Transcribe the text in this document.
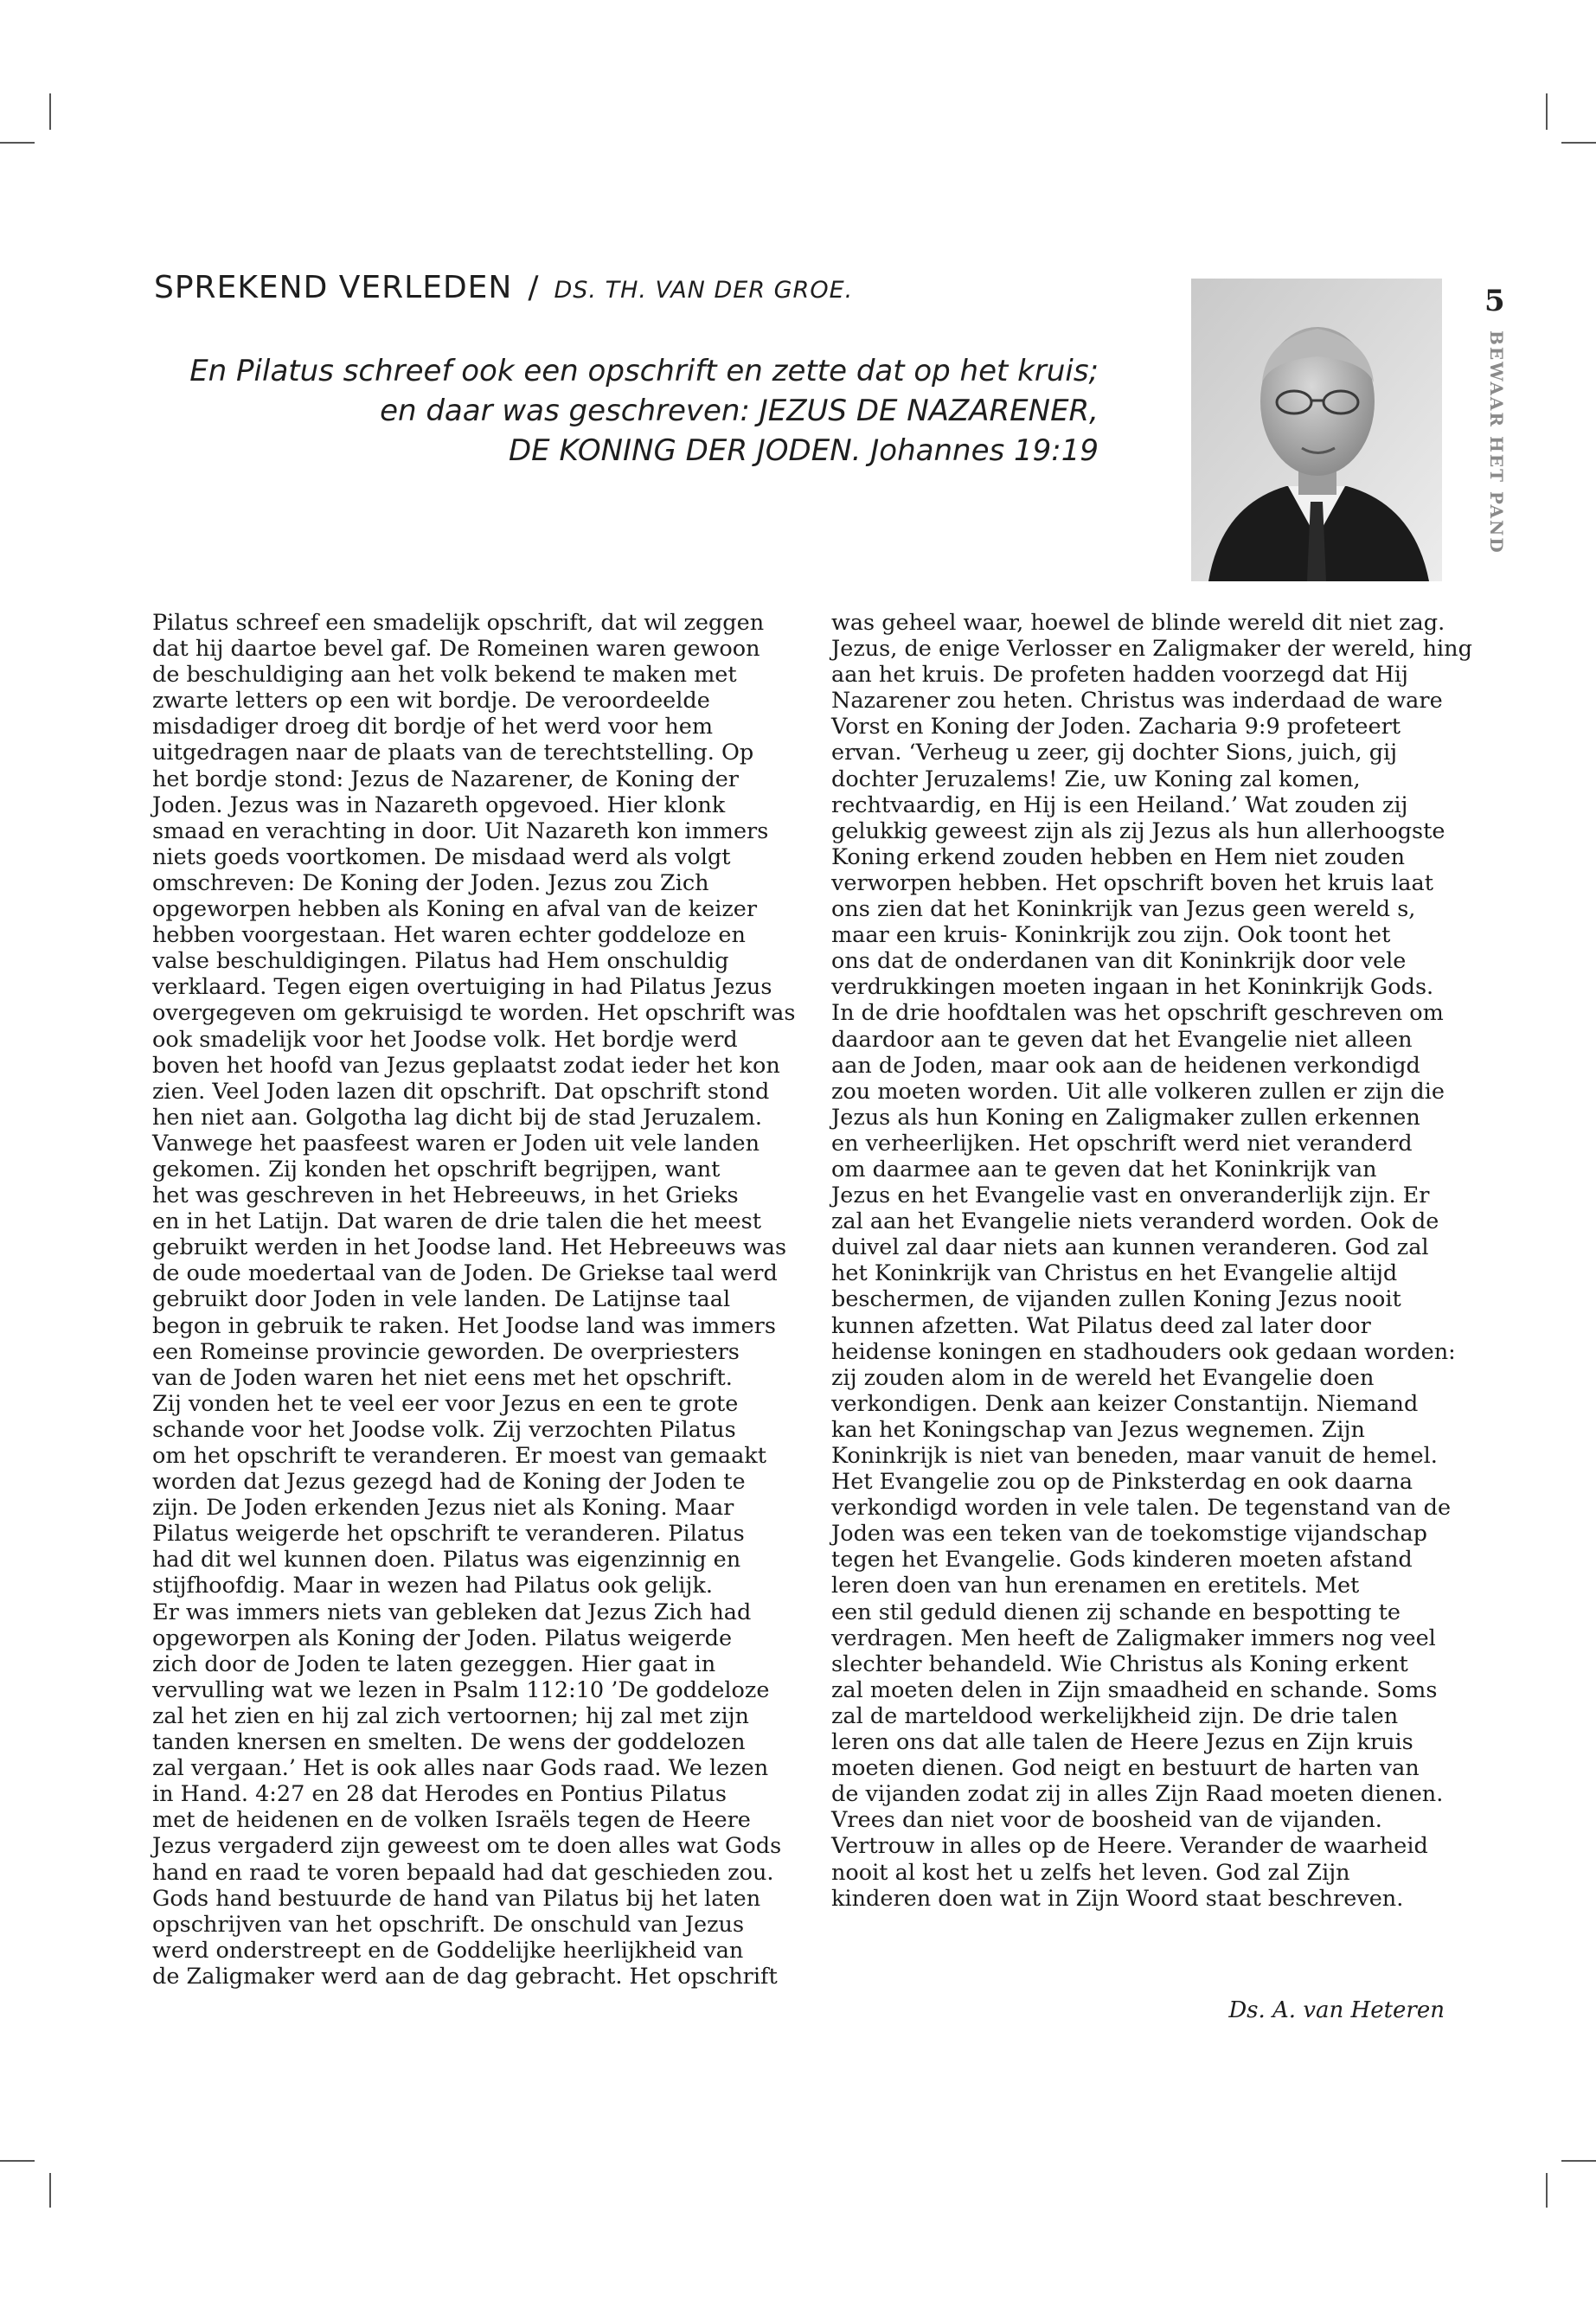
SPREKEND VERLEDEN / DS. TH. VAN DER GROE.
En Pilatus schreef ook een opschrift en zette dat op het kruis;
en daar was geschreven: JEZUS DE NAZARENER,
DE KONING DER JODEN. Johannes 19:19
5
BEWAAR HET PAND
Pilatus schreef een smadelijk opschrift, dat wil zeggen
dat hij daartoe bevel gaf. De Romeinen waren gewoon
de beschuldiging aan het volk bekend te maken met
zwarte letters op een wit bordje. De veroordeelde
misdadiger droeg dit bordje of het werd voor hem
uitgedragen naar de plaats van de terechtstelling. Op
het bordje stond: Jezus de Nazarener, de Koning der
Joden. Jezus was in Nazareth opgevoed. Hier klonk
smaad en verachting in door. Uit Nazareth kon immers
niets goeds voortkomen. De misdaad werd als volgt
omschreven: De Koning der Joden. Jezus zou Zich
opgeworpen hebben als Koning en afval van de keizer
hebben voorgestaan. Het waren echter goddeloze en
valse beschuldigingen. Pilatus had Hem onschuldig
verklaard. Tegen eigen overtuiging in had Pilatus Jezus
overgegeven om gekruisigd te worden. Het opschrift was
ook smadelijk voor het Joodse volk. Het bordje werd
boven het hoofd van Jezus geplaatst zodat ieder het kon
zien. Veel Joden lazen dit opschrift. Dat opschrift stond
hen niet aan. Golgotha lag dicht bij de stad Jeruzalem.
Vanwege het paasfeest waren er Joden uit vele landen
gekomen. Zij konden het opschrift begrijpen, want
het was geschreven in het Hebreeuws, in het Grieks
en in het Latijn. Dat waren de drie talen die het meest
gebruikt werden in het Joodse land. Het Hebreeuws was
de oude moedertaal van de Joden. De Griekse taal werd
gebruikt door Joden in vele landen. De Latijnse taal
begon in gebruik te raken. Het Joodse land was immers
een Romeinse provincie geworden. De overpriesters
van de Joden waren het niet eens met het opschrift.
Zij vonden het te veel eer voor Jezus en een te grote
schande voor het Joodse volk. Zij verzochten Pilatus
om het opschrift te veranderen. Er moest van gemaakt
worden dat Jezus gezegd had de Koning der Joden te
zijn. De Joden erkenden Jezus niet als Koning. Maar
Pilatus weigerde het opschrift te veranderen. Pilatus
had dit wel kunnen doen. Pilatus was eigenzinnig en
stijfhoofdig. Maar in wezen had Pilatus ook gelijk.
Er was immers niets van gebleken dat Jezus Zich had
opgeworpen als Koning der Joden. Pilatus weigerde
zich door de Joden te laten gezeggen. Hier gaat in
vervulling wat we lezen in Psalm 112:10 ’De goddeloze
zal het zien en hij zal zich vertoornen; hij zal met zijn
tanden knersen en smelten. De wens der goddelozen
zal vergaan.’ Het is ook alles naar Gods raad. We lezen
in Hand. 4:27 en 28 dat Herodes en Pontius Pilatus
met de heidenen en de volken Israëls tegen de Heere
Jezus vergaderd zijn geweest om te doen alles wat Gods
hand en raad te voren bepaald had dat geschieden zou.
Gods hand bestuurde de hand van Pilatus bij het laten
opschrijven van het opschrift. De onschuld van Jezus
werd onderstreept en de Goddelijke heerlijkheid van
de Zaligmaker werd aan de dag gebracht. Het opschrift
was geheel waar, hoewel de blinde wereld dit niet zag.
Jezus, de enige Verlosser en Zaligmaker der wereld, hing
aan het kruis. De profeten hadden voorzegd dat Hij
Nazarener zou heten. Christus was inderdaad de ware
Vorst en Koning der Joden. Zacharia 9:9 profeteert
ervan. ‘Verheug u zeer, gij dochter Sions, juich, gij
dochter Jeruzalems! Zie, uw Koning zal komen,
rechtvaardig, en Hij is een Heiland.’ Wat zouden zij
gelukkig geweest zijn als zij Jezus als hun allerhoogste
Koning erkend zouden hebben en Hem niet zouden
verworpen hebben. Het opschrift boven het kruis laat
ons zien dat het Koninkrijk van Jezus geen wereld s,
maar een kruis- Koninkrijk zou zijn. Ook toont het
ons dat de onderdanen van dit Koninkrijk door vele
verdrukkingen moeten ingaan in het Koninkrijk Gods.
In de drie hoofdtalen was het opschrift geschreven om
daardoor aan te geven dat het Evangelie niet alleen
aan de Joden, maar ook aan de heidenen verkondigd
zou moeten worden. Uit alle volkeren zullen er zijn die
Jezus als hun Koning en Zaligmaker zullen erkennen
en verheerlijken. Het opschrift werd niet veranderd
om daarmee aan te geven dat het Koninkrijk van
Jezus en het Evangelie vast en onveranderlijk zijn. Er
zal aan het Evangelie niets veranderd worden. Ook de
duivel zal daar niets aan kunnen veranderen. God zal
het Koninkrijk van Christus en het Evangelie altijd
beschermen, de vijanden zullen Koning Jezus nooit
kunnen afzetten. Wat Pilatus deed zal later door
heidense koningen en stadhouders ook gedaan worden:
zij zouden alom in de wereld het Evangelie doen
verkondigen. Denk aan keizer Constantijn. Niemand
kan het Koningschap van Jezus wegnemen. Zijn
Koninkrijk is niet van beneden, maar vanuit de hemel.
Het Evangelie zou op de Pinksterdag en ook daarna
verkondigd worden in vele talen. De tegenstand van de
Joden was een teken van de toekomstige vijandschap
tegen het Evangelie. Gods kinderen moeten afstand
leren doen van hun erenamen en eretitels. Met
een stil geduld dienen zij schande en bespotting te
verdragen. Men heeft de Zaligmaker immers nog veel
slechter behandeld. Wie Christus als Koning erkent
zal moeten delen in Zijn smaadheid en schande. Soms
zal de marteldood werkelijkheid zijn. De drie talen
leren ons dat alle talen de Heere Jezus en Zijn kruis
moeten dienen. God neigt en bestuurt de harten van
de vijanden zodat zij in alles Zijn Raad moeten dienen.
Vrees dan niet voor de boosheid van de vijanden.
Vertrouw in alles op de Heere. Verander de waarheid
nooit al kost het u zelfs het leven. God zal Zijn
kinderen doen wat in Zijn Woord staat beschreven.
Ds. A. van Heteren
